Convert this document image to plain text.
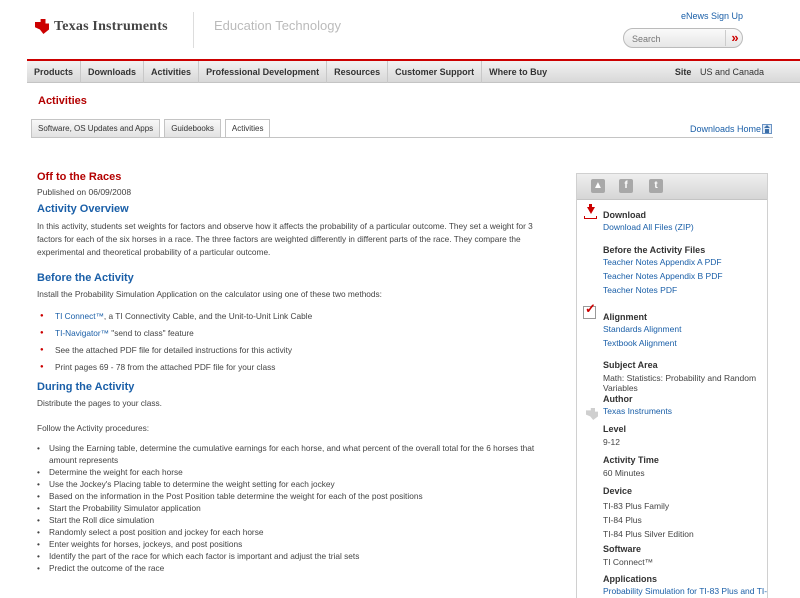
Texas Instruments	Education Technology
eNews Sign Up
Search
»
Products	Downloads	Activities	Professional Development	Resources	Customer Support	Where to Buy	Site US and Canada
Activities
Software, OS Updates and Apps	Guidebooks	Activities	Downloads Home
Off to the Races
Published on 06/09/2008
Activity Overview
In this activity, students set weights for factors and observe how it affects the probability of a particular outcome. They set a weight for 3 factors for each of the six horses in a race. The three factors are weighted differently in different parts of the race. They compare the experimental and theoretical probability of a particular outcome.
Before the Activity
Install the Probability Simulation Application on the calculator using one of these two methods:
● TI Connect™, a TI Connectivity Cable, and the Unit-to-Unit Link Cable
● TI-Navigator™ "send to class" feature
● See the attached PDF file for detailed instructions for this activity
● Print pages 69 - 78 from the attached PDF file for your class
During the Activity
Distribute the pages to your class.
Follow the Activity procedures:
• Using the Earning table, determine the cumulative earnings for each horse, and what percent of the overall total for the 6 horses that amount represents
• Determine the weight for each horse
• Use the Jockey's Placing table to determine the weight setting for each jockey
• Based on the information in the Post Position table determine the weight for each of the post positions
• Start the Probability Simulator application
• Start the Roll dice simulation
• Randomly select a post position and jockey for each horse
• Enter weights for horses, jockeys, and post positions
• Identify the part of the race for which each factor is important and adjust the trial sets
• Predict the outcome of the race
▲	f	t
Download
Download All Files (ZIP)
Before the Activity Files
Teacher Notes Appendix A PDF
Teacher Notes Appendix B PDF
Teacher Notes PDF
✓
Alignment
Standards Alignment
Textbook Alignment
Subject Area
Math: Statistics: Probability and Random Variables
Author
Texas Instruments
Level
9-12
Activity Time
60 Minutes
Device
TI-83 Plus Family
TI-84 Plus
TI-84 Plus Silver Edition
Software
TI Connect™
Applications
Probability Simulation for TI-83 Plus and TI-
